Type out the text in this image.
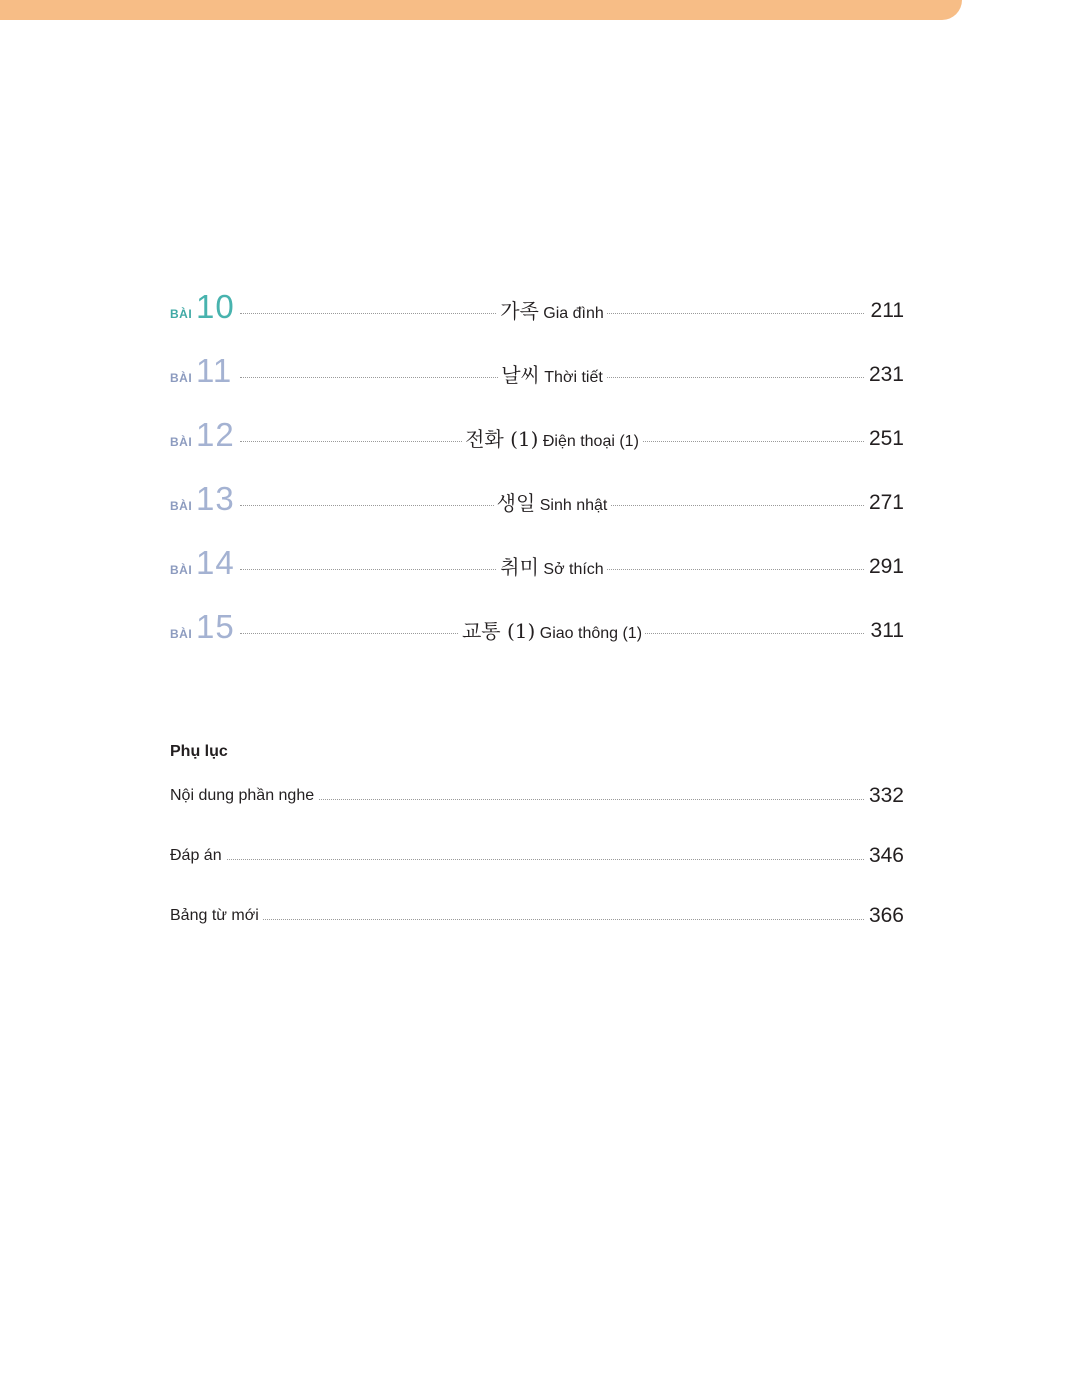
BÀI 10	가족 Gia đình	211
BÀI 11	날씨 Thời tiết	231
BÀI 12	전화 (1) Điện thoại (1)	251
BÀI 13	생일 Sinh nhật	271
BÀI 14	취미 Sở thích	291
BÀI 15	교통 (1) Giao thông (1)	311
Phụ lục
Nội dung phần nghe	332
Đáp án	346
Bảng từ mới	366
